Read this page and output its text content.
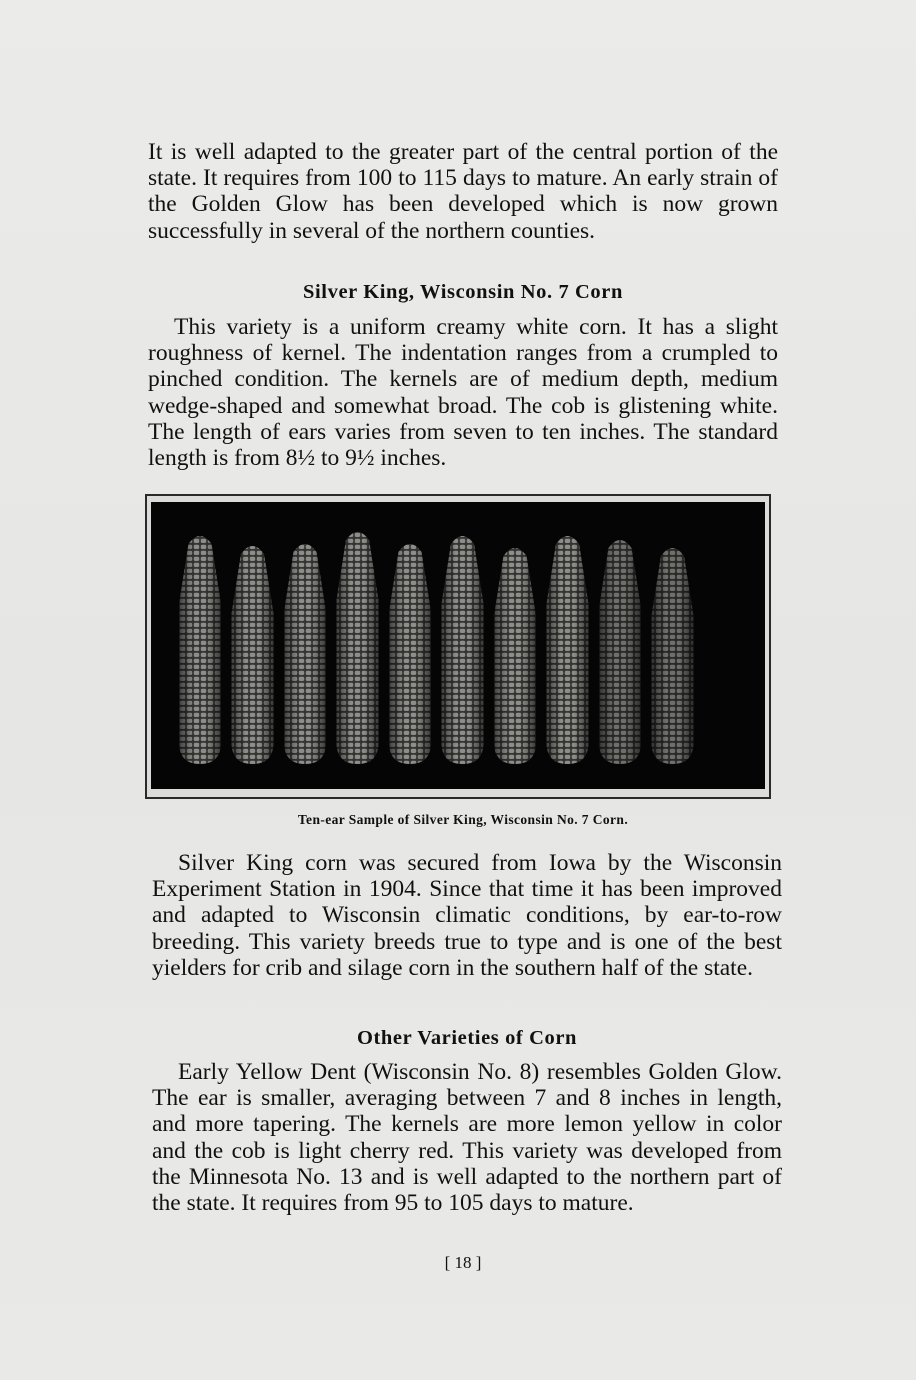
It is well adapted to the greater part of the central portion of the state. It requires from 100 to 115 days to mature. An early strain of the Golden Glow has been developed which is now grown successfully in several of the northern counties.

Silver King, Wisconsin No. 7 Corn

This variety is a uniform creamy white corn. It has a slight roughness of kernel. The indentation ranges from a crumpled to pinched condition. The kernels are of medium depth, medium wedge-shaped and somewhat broad. The cob is glistening white. The length of ears varies from seven to ten inches. The standard length is from 8½ to 9½ inches.

Ten-ear Sample of Silver King, Wisconsin No. 7 Corn.

Silver King corn was secured from Iowa by the Wisconsin Experiment Station in 1904. Since that time it has been improved and adapted to Wisconsin climatic conditions, by ear-to-row breeding. This variety breeds true to type and is one of the best yielders for crib and silage corn in the southern half of the state.

Other Varieties of Corn

Early Yellow Dent (Wisconsin No. 8) resembles Golden Glow. The ear is smaller, averaging between 7 and 8 inches in length, and more tapering. The kernels are more lemon yellow in color and the cob is light cherry red. This variety was developed from the Minnesota No. 13 and is well adapted to the northern part of the state. It requires from 95 to 105 days to mature.

[ 18 ]
